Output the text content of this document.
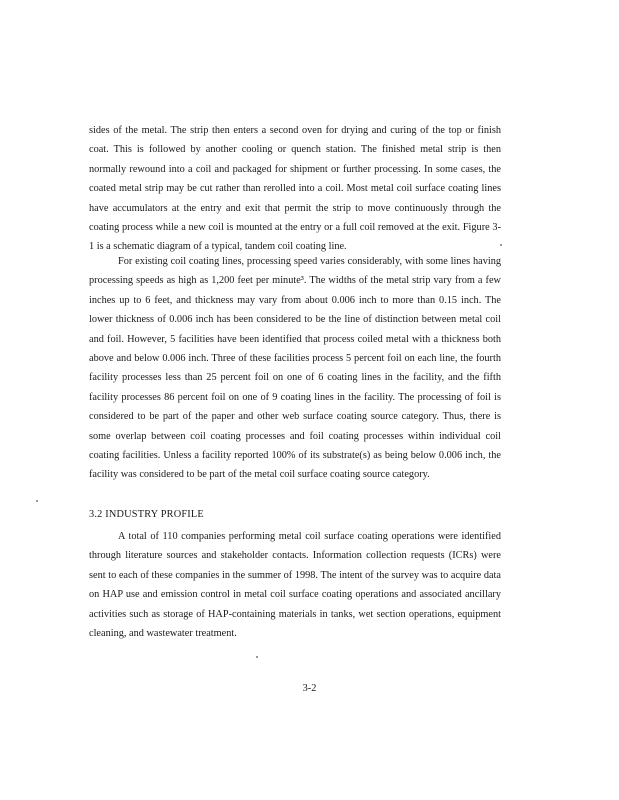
sides of the metal. The strip then enters a second oven for drying and curing of the top or finish coat. This is followed by another cooling or quench station. The finished metal strip is then normally rewound into a coil and packaged for shipment or further processing. In some cases, the coated metal strip may be cut rather than rerolled into a coil. Most metal coil surface coating lines have accumulators at the entry and exit that permit the strip to move continuously through the coating process while a new coil is mounted at the entry or a full coil removed at the exit. Figure 3-1 is a schematic diagram of a typical, tandem coil coating line.

For existing coil coating lines, processing speed varies considerably, with some lines having processing speeds as high as 1,200 feet per minute³. The widths of the metal strip vary from a few inches up to 6 feet, and thickness may vary from about 0.006 inch to more than 0.15 inch. The lower thickness of 0.006 inch has been considered to be the line of distinction between metal coil and foil. However, 5 facilities have been identified that process coiled metal with a thickness both above and below 0.006 inch. Three of these facilities process 5 percent foil on each line, the fourth facility processes less than 25 percent foil on one of 6 coating lines in the facility, and the fifth facility processes 86 percent foil on one of 9 coating lines in the facility. The processing of foil is considered to be part of the paper and other web surface coating source category. Thus, there is some overlap between coil coating processes and foil coating processes within individual coil coating facilities. Unless a facility reported 100% of its substrate(s) as being below 0.006 inch, the facility was considered to be part of the metal coil surface coating source category.

3.2 INDUSTRY PROFILE

A total of 110 companies performing metal coil surface coating operations were identified through literature sources and stakeholder contacts. Information collection requests (ICRs) were sent to each of these companies in the summer of 1998. The intent of the survey was to acquire data on HAP use and emission control in metal coil surface coating operations and associated ancillary activities such as storage of HAP-containing materials in tanks, wet section operations, equipment cleaning, and wastewater treatment.

3-2
